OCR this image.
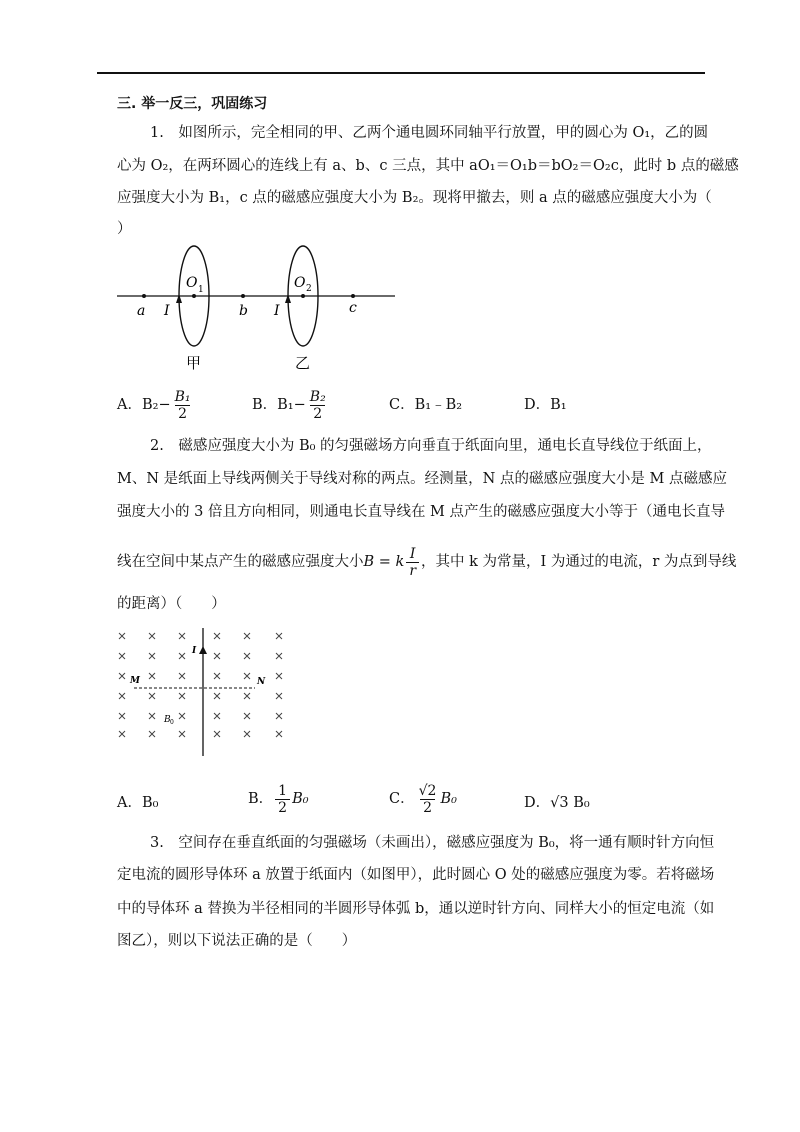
三. 举一反三，巩固练习
1.　如图所示，完全相同的甲、乙两个通电圆环同轴平行放置，甲的圆心为 O₁，乙的圆
心为 O₂，在两环圆心的连线上有 a、b、c 三点，其中 aO₁＝O₁b＝bO₂＝O₂c，此时 b 点的磁感
应强度大小为 B₁，c 点的磁感应强度大小为 B₂。现将甲撤去，则 a 点的磁感应强度大小为（
）
a	b	c
I	I
O 1	O 2
甲	乙
A．$B_2- \frac{\text{B₁}}{2}$	B．$B_1- \frac{\text{B₂}}{2}$	C．B₁﹣B₂	D．B₁
2.　磁感应强度大小为 B₀ 的匀强磁场方向垂直于纸面向里，通电长直导线位于纸面上，
M、N 是纸面上导线两侧关于导线对称的两点。经测量，N 点的磁感应强度大小是 M 点磁感应
强度大小的 3 倍且方向相同，则通电长直导线在 M 点产生的磁感应强度大小等于（通电长直导
线在空间中某点产生的磁感应强度大小B = k $\frac{I}{r}$ ，其中 k 为常量，I 为通过的电流，r 为点到导线
的距离）（　　）
M	N
I
B 0
A．B₀	B． $\frac{1}{2} B_0$	C． $\frac{√2}{2} B_0$	D．√3 B₀
3.　空间存在垂直纸面的匀强磁场（未画出），磁感应强度为 B₀，将一通有顺时针方向恒
定电流的圆形导体环 a 放置于纸面内（如图甲），此时圆心 O 处的磁感应强度为零。若将磁场
中的导体环 a 替换为半径相同的半圆形导体弧 b，通以逆时针方向、同样大小的恒定电流（如
图乙），则以下说法正确的是（　　）
